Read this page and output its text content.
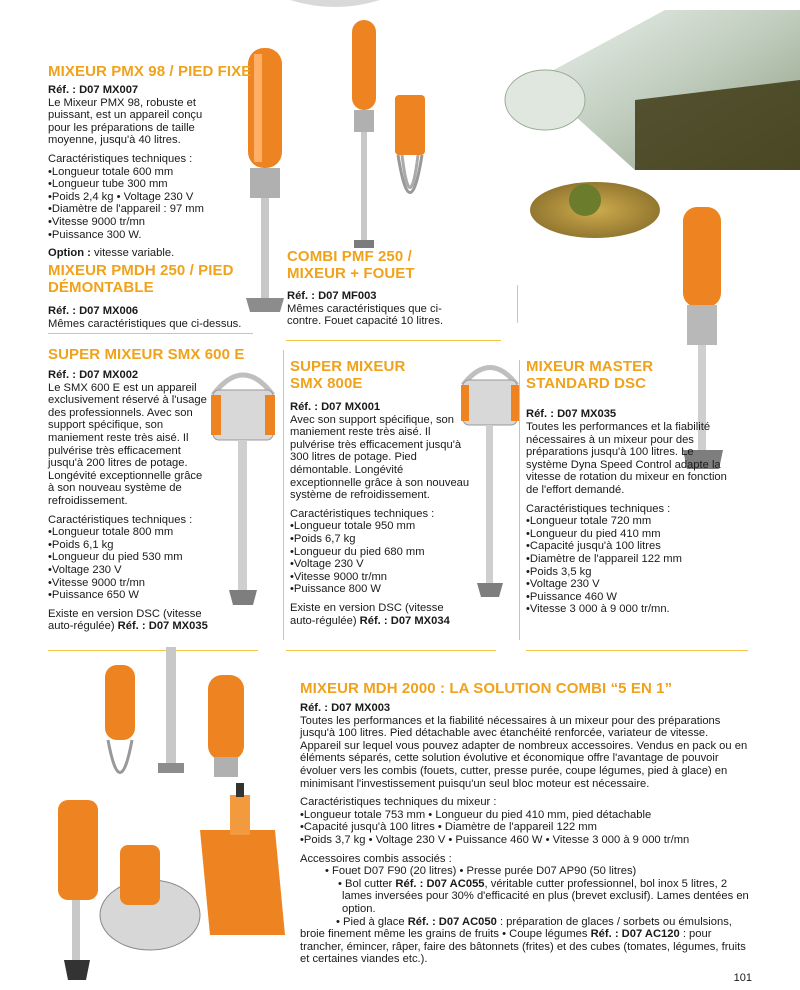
MIXEUR PMX 98 / PIED FIXE

Réf. : D07 MX007

Le Mixeur PMX 98, robuste et puissant, est un appareil conçu pour les préparations de taille moyenne, jusqu'à 40 litres.

Caractéristiques techniques :

• Longueur totale 600 mm
• Longueur tube 300 mm
• Poids 2,4 kg • Voltage 230 V
• Diamètre de l'appareil : 97 mm
• Vitesse 9000 tr/mn
• Puissance 300 W.

Option : vitesse variable.

MIXEUR PMDH 250 / PIED DÉMONTABLE

Réf. : D07 MX006

Mêmes caractéristiques que ci-dessus.

COMBI PMF 250 / MIXEUR + FOUET

Réf. : D07 MF003

Mêmes caractéristiques que ci-contre. Fouet capacité 10 litres.

SUPER MIXEUR SMX 600 E

Réf. : D07 MX002

Le SMX 600 E est un appareil exclusivement réservé à l'usage des professionnels. Avec son support spécifique, son maniement reste très aisé. Il pulvérise très efficacement jusqu'à 200 litres de potage. Longévité exceptionnelle grâce à son nouveau système de refroidissement.

Caractéristiques techniques :

• Longueur totale 800 mm
• Poids 6,1 kg
• Longueur du pied 530 mm
• Voltage 230 V
• Vitesse 9000 tr/mn
• Puissance 650 W

Existe en version DSC (vitesse auto-régulée) Réf. : D07 MX035

SUPER MIXEUR
SMX 800E

Réf. : D07 MX001

Avec son support spécifique, son maniement reste très aisé. Il pulvérise très efficacement jusqu'à 300 litres de potage. Pied démontable. Longévité exceptionnelle grâce à son nouveau système de refroidissement.

Caractéristiques techniques :

• Longueur totale 950 mm
• Poids 6,7 kg
• Longueur du pied 680 mm
• Voltage 230 V
• Vitesse 9000 tr/mn
• Puissance 800 W

Existe en version DSC (vitesse auto-régulée) Réf. : D07 MX034

MIXEUR MASTER
STANDARD DSC

Réf. : D07 MX035

Toutes les performances et la fiabilité nécessaires à un mixeur pour des préparations jusqu'à 100 litres. Le système Dyna Speed Control adapte la vitesse de rotation du mixeur en fonction de l'effort demandé.

Caractéristiques techniques :

• Longueur totale 720 mm
• Longueur du pied 410 mm
• Capacité jusqu'à 100 litres
• Diamètre de l'appareil 122 mm
• Poids 3,5 kg
• Voltage 230 V
• Puissance 460 W
• Vitesse 3 000 à 9 000 tr/mn.
MIXEUR MDH 2000 : LA SOLUTION COMBI “5 EN 1”

Réf. : D07 MX003

Toutes les performances et la fiabilité nécessaires à un mixeur pour des préparations jusqu'à 100 litres. Pied détachable avec étanchéité renforcée, variateur de vitesse. Appareil sur lequel vous pouvez adapter de nombreux accessoires. Vendus en pack ou en éléments séparés, cette solution évolutive et économique offre l'avantage de pouvoir évoluer vers les combis (fouets, cutter, presse purée, coupe légumes, pied à glace) en minimisant l'investissement puisqu'un seul bloc moteur est nécessaire.

Caractéristiques techniques du mixeur :

• Longueur totale 753 mm • Longueur du pied 410 mm, pied détachable
• Capacité jusqu'à 100 litres • Diamètre de l'appareil 122 mm
• Poids 3,7 kg • Voltage 230 V • Puissance 460 W • Vitesse 3 000 à 9 000 tr/mn

Accessoires combis associés :

• Fouet D07 F90 (20 litres) • Presse purée D07 AP90 (50 litres)

• Bol cutter Réf. : D07 AC055, véritable cutter professionnel, bol inox 5 litres, 2 lames inversées pour 30% d'efficacité en plus (brevet exclusif). Lames dentées en option.

• Pied à glace Réf. : D07 AC050 : préparation de glaces / sorbets ou émulsions, broie finement même les grains de fruits • Coupe légumes Réf. : D07 AC120 : pour trancher, émincer, râper, faire des bâtonnets (frites) et des cubes (tomates, légumes, fruits et certaines viandes etc.).

101
